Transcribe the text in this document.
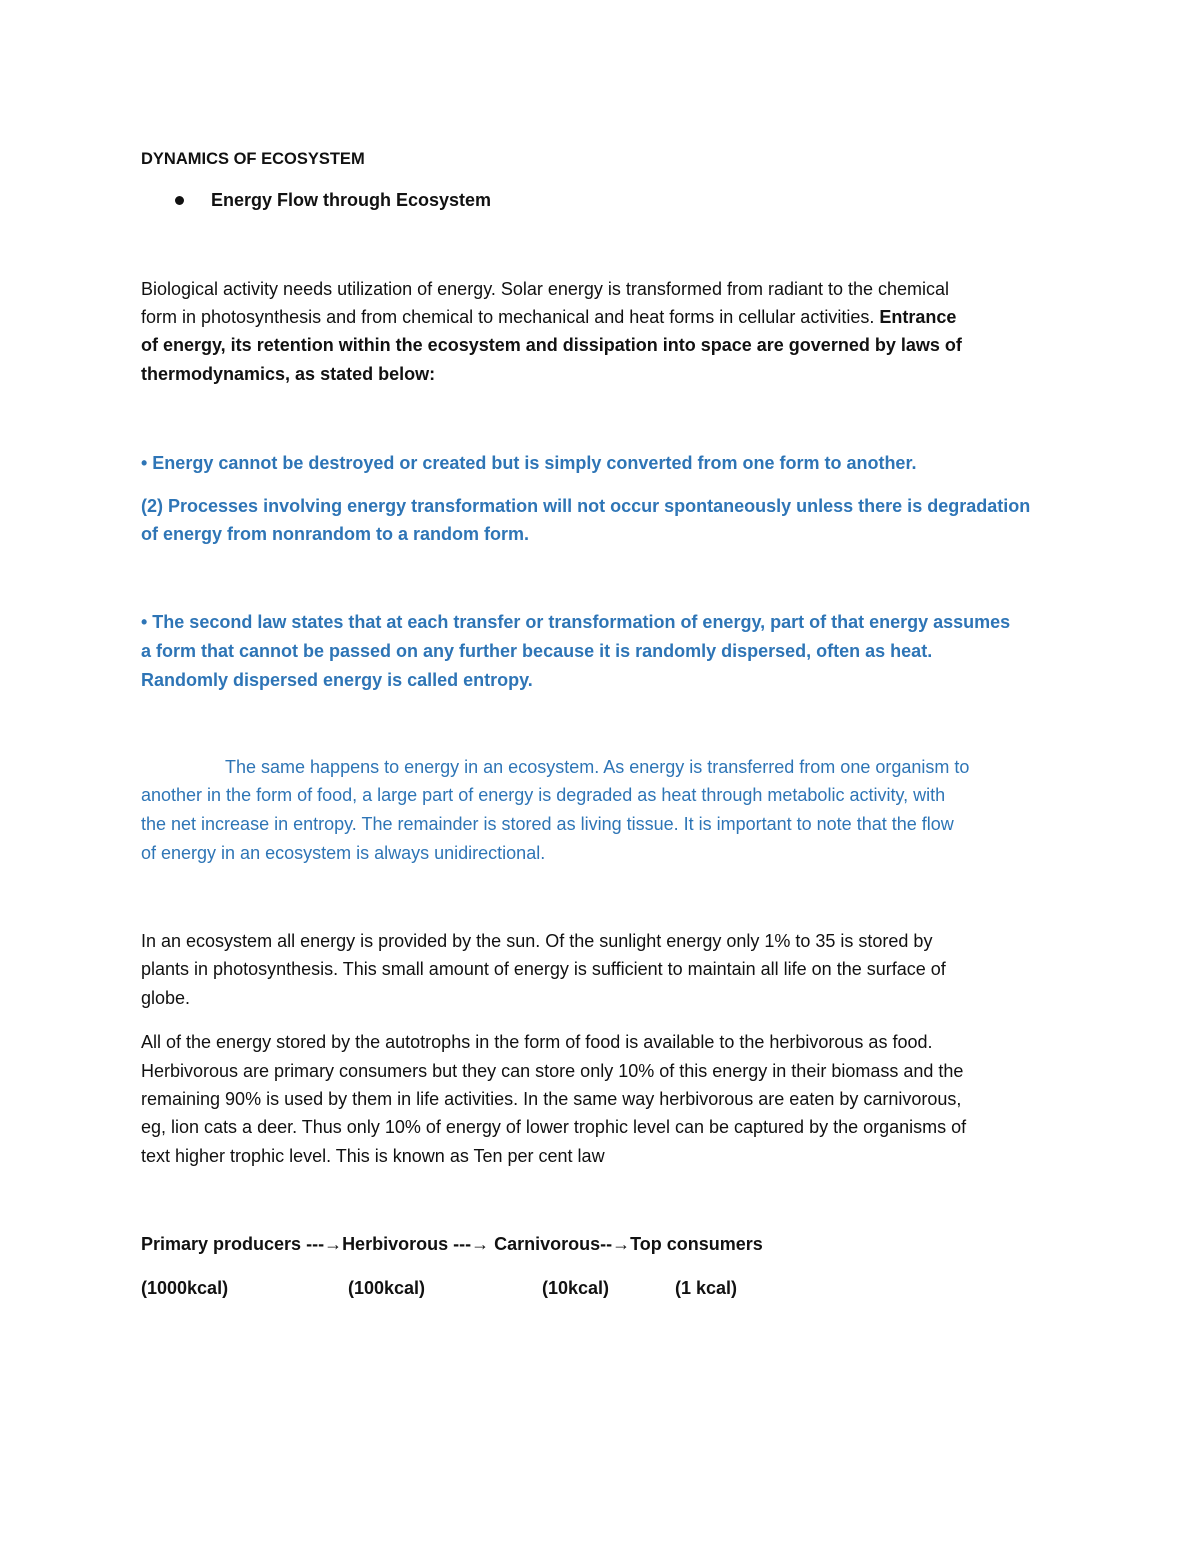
DYNAMICS OF ECOSYSTEM
Energy Flow through Ecosystem
Biological activity needs utilization of energy. Solar energy is transformed from radiant to the chemical
form in photosynthesis and from chemical to mechanical and heat forms in cellular activities. Entrance
of energy, its retention within the ecosystem and dissipation into space are governed by laws of
thermodynamics, as stated below:
• Energy cannot be destroyed or created but is simply converted from one form to another.
(2) Processes involving energy transformation will not occur spontaneously unless there is degradation
of energy from nonrandom to a random form.
• The second law states that at each transfer or transformation of energy, part of that energy assumes
a form that cannot be passed on any further because it is randomly dispersed, often as heat.
Randomly dispersed energy is called entropy.
The same happens to energy in an ecosystem. As energy is transferred from one organism to
another in the form of food, a large part of energy is degraded as heat through metabolic activity, with
the net increase in entropy. The remainder is stored as living tissue. It is important to note that the flow
of energy in an ecosystem is always unidirectional.
In an ecosystem all energy is provided by the sun. Of the sunlight energy only 1% to 35 is stored by
plants in photosynthesis. This small amount of energy is sufficient to maintain all life on the surface of
globe.
All of the energy stored by the autotrophs in the form of food is available to the herbivorous as food.
Herbivorous are primary consumers but they can store only 10% of this energy in their biomass and the
remaining 90% is used by them in life activities. In the same way herbivorous are eaten by carnivorous,
eg, lion cats a deer. Thus only 10% of energy of lower trophic level can be captured by the organisms of
text higher trophic level. This is known as Ten per cent law
Primary producers ---→Herbivorous ---→ Carnivorous--→Top consumers
(1000kcal)	(100kcal)	(10kcal)	(1 kcal)
